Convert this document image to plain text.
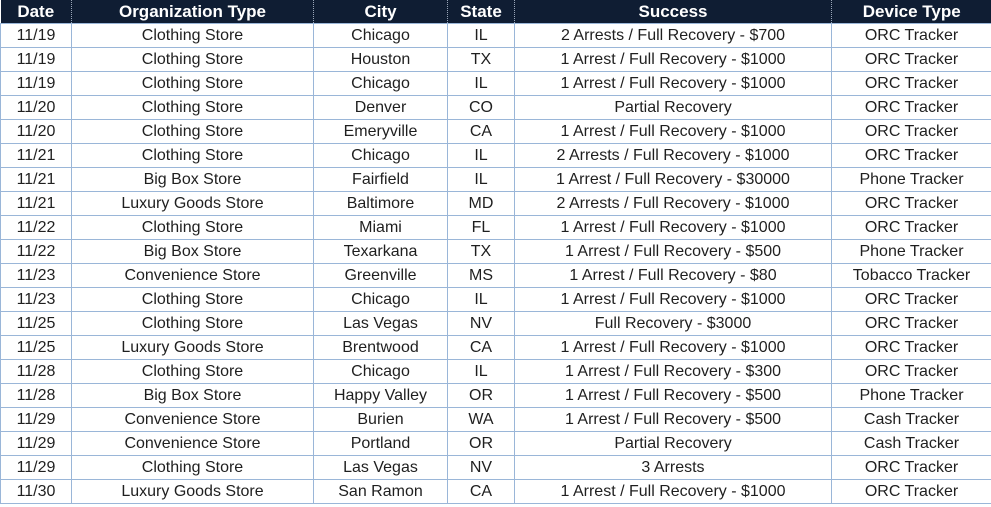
Date	Organization Type	City	State	Success	Device Type
11/19	Clothing Store	Chicago	IL	2 Arrests / Full Recovery - $700	ORC Tracker
11/19	Clothing Store	Houston	TX	1 Arrest / Full Recovery - $1000	ORC Tracker
11/19	Clothing Store	Chicago	IL	1 Arrest / Full Recovery - $1000	ORC Tracker
11/20	Clothing Store	Denver	CO	Partial Recovery	ORC Tracker
11/20	Clothing Store	Emeryville	CA	1 Arrest / Full Recovery - $1000	ORC Tracker
11/21	Clothing Store	Chicago	IL	2 Arrests / Full Recovery - $1000	ORC Tracker
11/21	Big Box Store	Fairfield	IL	1 Arrest / Full Recovery - $30000	Phone Tracker
11/21	Luxury Goods Store	Baltimore	MD	2 Arrests / Full Recovery - $1000	ORC Tracker
11/22	Clothing Store	Miami	FL	1 Arrest / Full Recovery - $1000	ORC Tracker
11/22	Big Box Store	Texarkana	TX	1 Arrest / Full Recovery - $500	Phone Tracker
11/23	Convenience Store	Greenville	MS	1 Arrest / Full Recovery - $80	Tobacco Tracker
11/23	Clothing Store	Chicago	IL	1 Arrest / Full Recovery - $1000	ORC Tracker
11/25	Clothing Store	Las Vegas	NV	Full Recovery - $3000	ORC Tracker
11/25	Luxury Goods Store	Brentwood	CA	1 Arrest / Full Recovery - $1000	ORC Tracker
11/28	Clothing Store	Chicago	IL	1 Arrest / Full Recovery - $300	ORC Tracker
11/28	Big Box Store	Happy Valley	OR	1 Arrest / Full Recovery - $500	Phone Tracker
11/29	Convenience Store	Burien	WA	1 Arrest / Full Recovery - $500	Cash Tracker
11/29	Convenience Store	Portland	OR	Partial Recovery	Cash Tracker
11/29	Clothing Store	Las Vegas	NV	3 Arrests	ORC Tracker
11/30	Luxury Goods Store	San Ramon	CA	1 Arrest / Full Recovery - $1000	ORC Tracker
